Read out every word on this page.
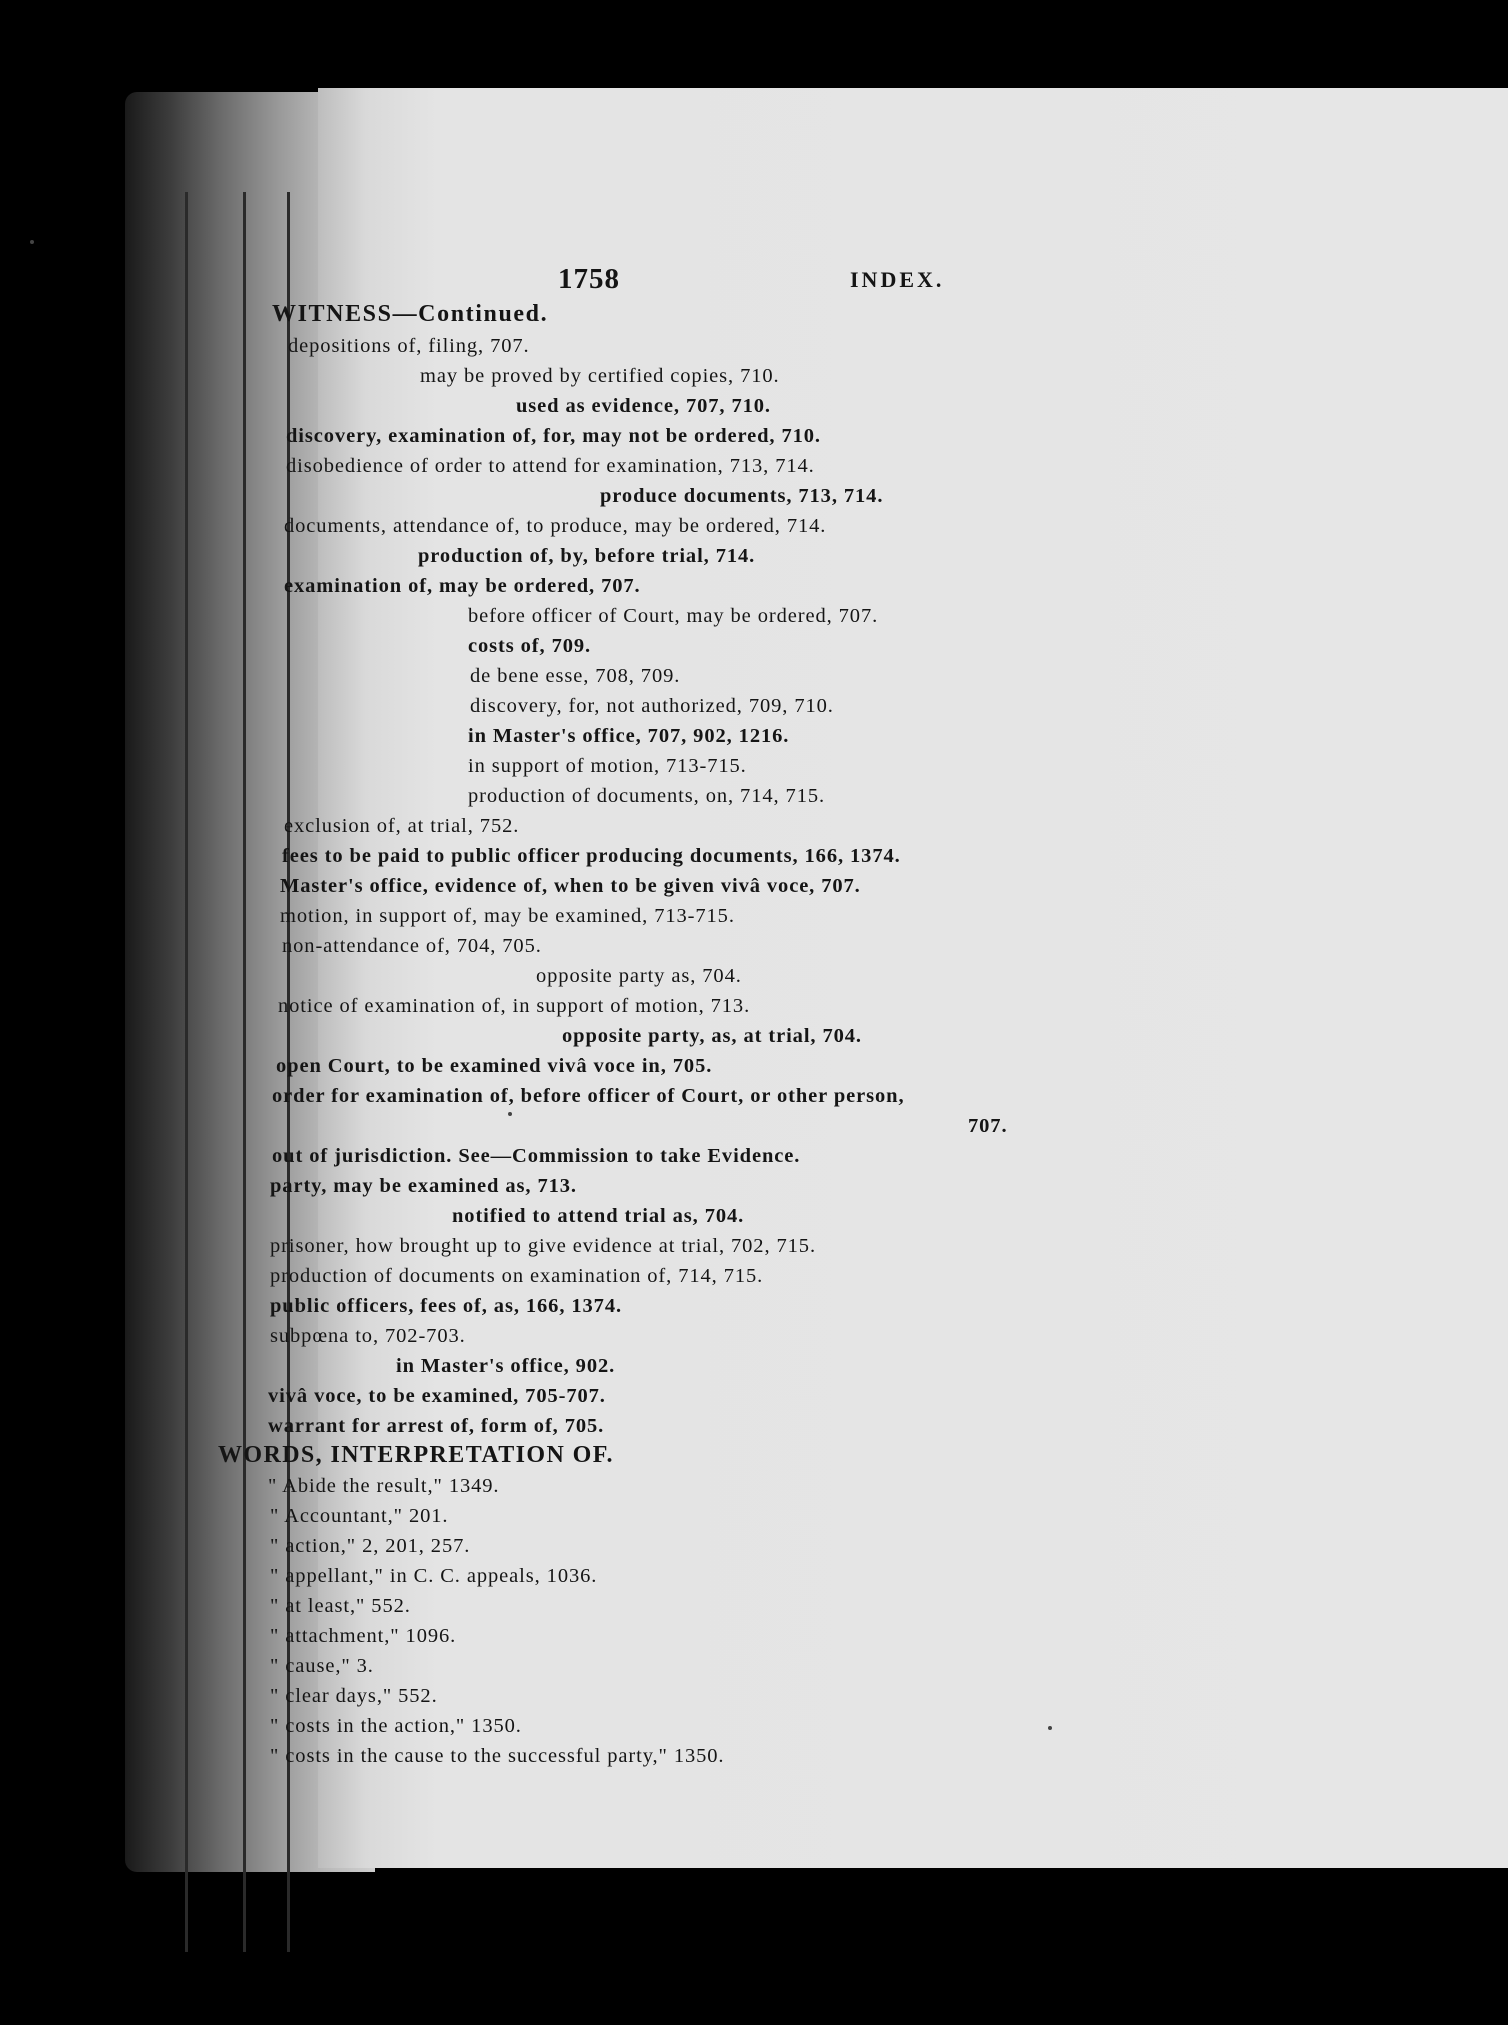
1758	INDEX.
WITNESS—Continued.
depositions of, filing, 707.
may be proved by certified copies, 710.
used as evidence, 707, 710.
discovery, examination of, for, may not be ordered, 710.
disobedience of order to attend for examination, 713, 714.
produce documents, 713, 714.
documents, attendance of, to produce, may be ordered, 714.
production of, by, before trial, 714.
examination of, may be ordered, 707.
before officer of Court, may be ordered, 707.
costs of, 709.
de bene esse, 708, 709.
discovery, for, not authorized, 709, 710.
in Master's office, 707, 902, 1216.
in support of motion, 713-715.
production of documents, on, 714, 715.
exclusion of, at trial, 752.
fees to be paid to public officer producing documents, 166, 1374.
Master's office, evidence of, when to be given vivâ voce, 707.
motion, in support of, may be examined, 713-715.
non-attendance of, 704, 705.
opposite party as, 704.
notice of examination of, in support of motion, 713.
opposite party, as, at trial, 704.
open Court, to be examined vivâ voce in, 705.
order for examination of, before officer of Court, or other person,
707.
out of jurisdiction. See—Commission to take Evidence.
party, may be examined as, 713.
notified to attend trial as, 704.
prisoner, how brought up to give evidence at trial, 702, 715.
production of documents on examination of, 714, 715.
public officers, fees of, as, 166, 1374.
subpœna to, 702-703.
in Master's office, 902.
vivâ voce, to be examined, 705-707.
warrant for arrest of, form of, 705.
WORDS, INTERPRETATION OF.
" Abide the result," 1349.
" Accountant," 201.
" action," 2, 201, 257.
" appellant," in C. C. appeals, 1036.
" at least," 552.
" attachment," 1096.
" cause," 3.
" clear days," 552.
" costs in the action," 1350.
" costs in the cause to the successful party," 1350.
